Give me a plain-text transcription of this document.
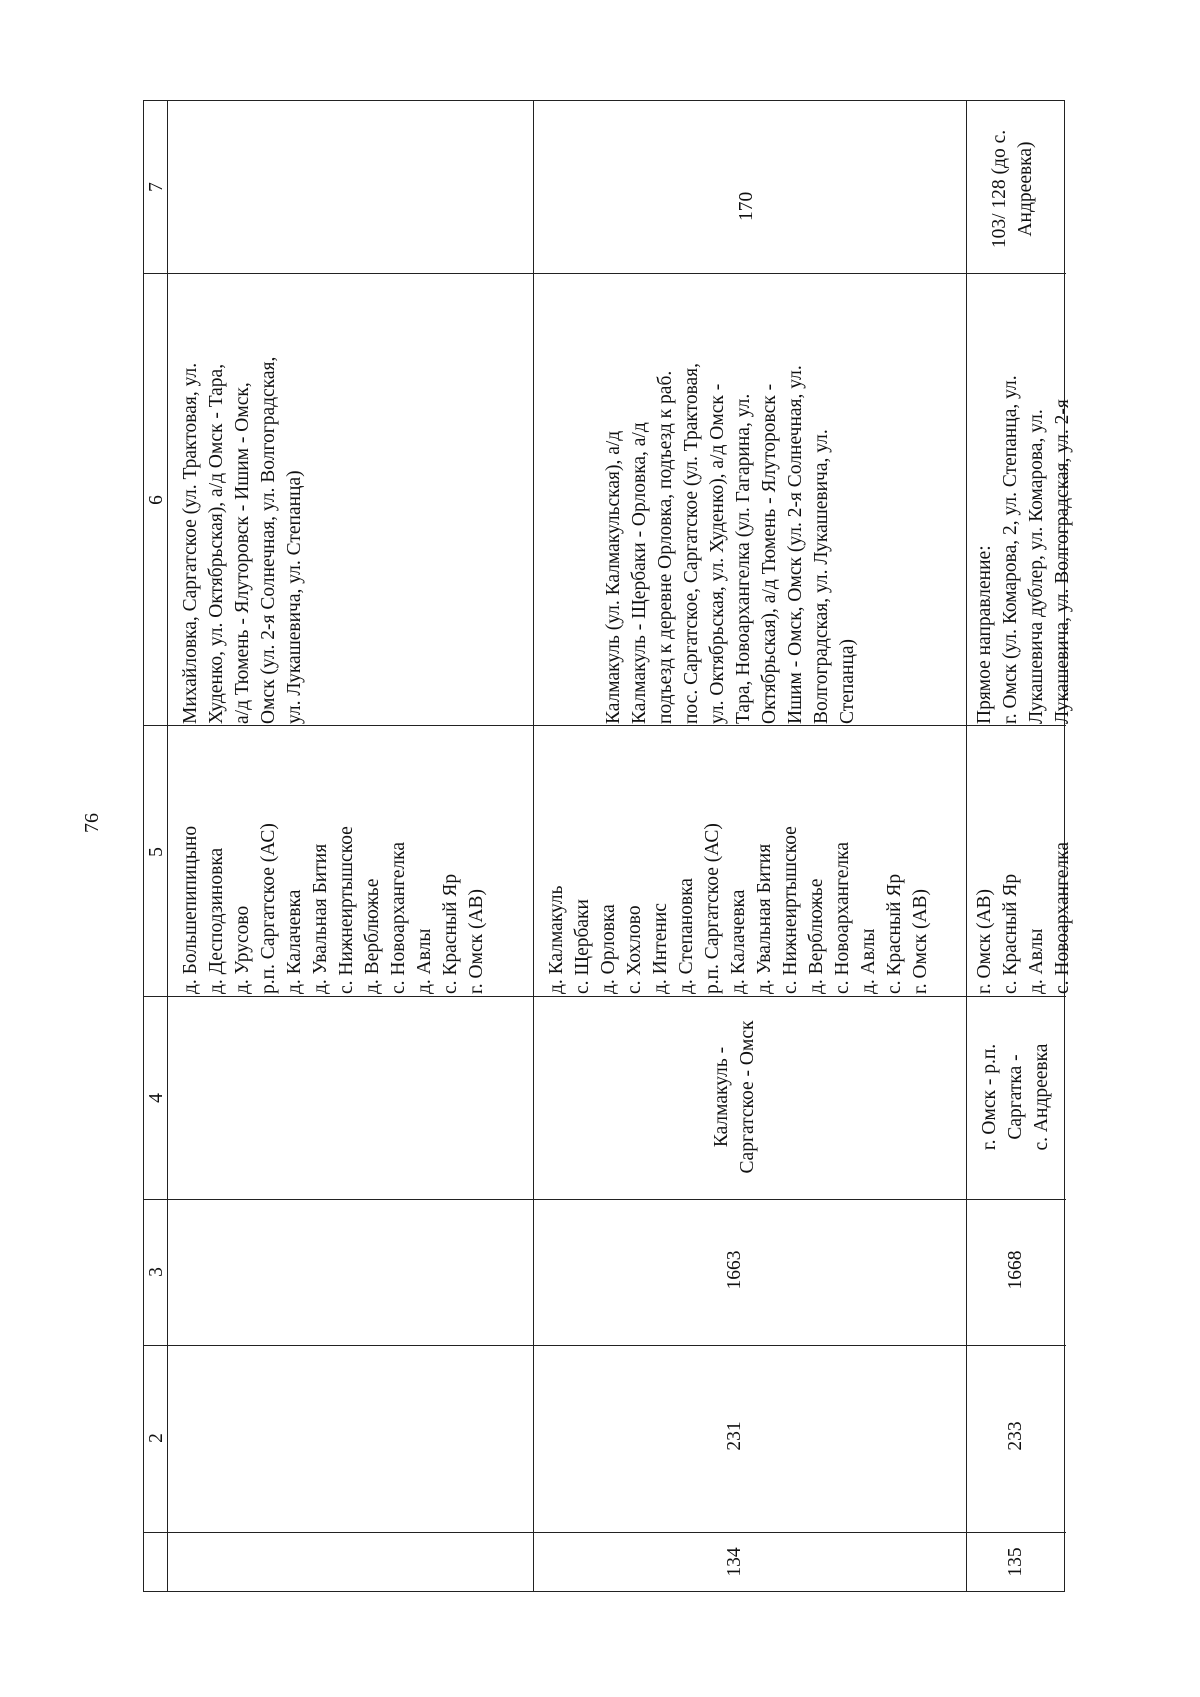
76
7
6
5
4
3
2
Михайловка, Саргатское (ул. Трактовая, ул.
Худенко, ул. Октябрьская), а/д Омск - Тара,
а/д Тюмень - Ялуторовск - Ишим - Омск,
Омск (ул. 2-я Солнечная, ул. Волгоградская,
ул. Лукашевича, ул. Степанца)
д. Большепипицыно
д. Десподзиновка
д. Урусово
р.п. Саргатское (АС)
д. Калачевка
д. Увальная Бития
с. Нижнеиртышское
д. Верблюжье
с. Новоархангелка
д. Авлы
с. Красный Яр
г. Омск (АВ)
170
Калмакуль (ул. Калмакульская), а/д
Калмакуль - Щербаки - Орловка, а/д
подъезд к деревне Орловка, подъезд к раб.
пос. Саргатское, Саргатское (ул. Трактовая,
ул. Октябрьская, ул. Худенко), а/д Омск -
Тара, Новоархангелка (ул. Гагарина, ул.
Октябрьская), а/д Тюмень - Ялуторовск -
Ишим - Омск, Омск (ул. 2-я Солнечная, ул.
Волгоградская, ул. Лукашевича, ул.
Степанца)
д. Калмакуль
с. Щербаки
д. Орловка
с. Хохлово
д. Интенис
д. Степановка
р.п. Саргатское (АС)
д. Калачевка
д. Увальная Бития
с. Нижнеиртышское
д. Верблюжье
с. Новоархангелка
д. Авлы
с. Красный Яр
г. Омск (АВ)
Калмакуль -
Саргатское - Омск
1663
231
134
103/ 128 (до с.
Андреевка)
Прямое направление:
г. Омск (ул. Комарова, 2, ул. Степанца, ул.
Лукашевича дублер, ул. Комарова, ул.
Лукашевича, ул. Волгоградская, ул. 2-я
г. Омск (АВ)
с. Красный Яр
д. Авлы
с. Новоархангелка
г. Омск - р.п.
Саргатка -
с. Андреевка
1668
233
135
